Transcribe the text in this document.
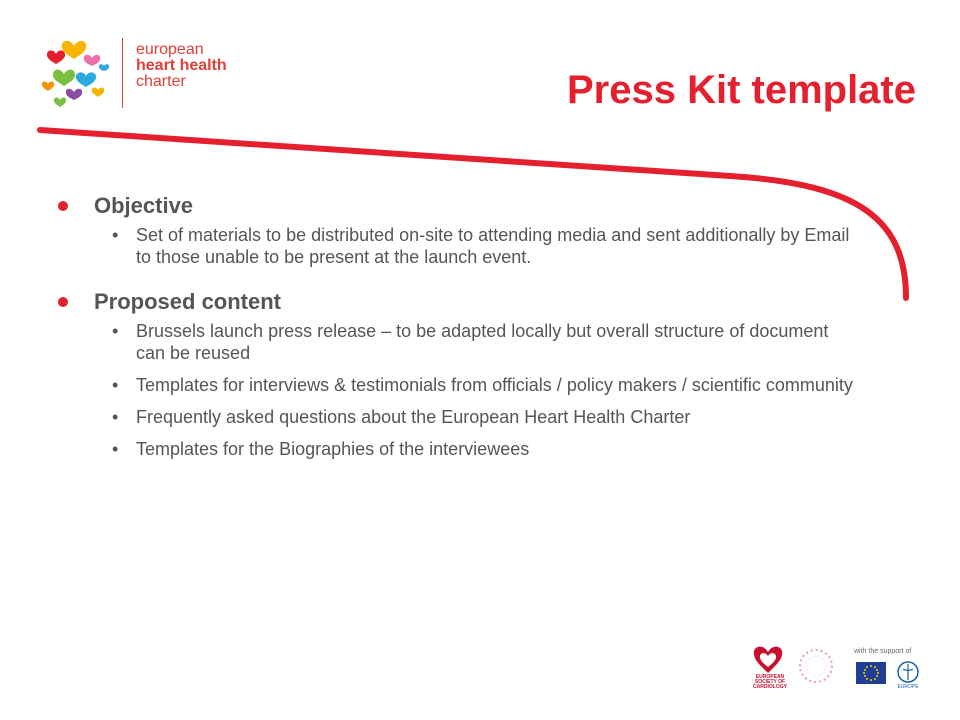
european
heart health
charter	Press Kit template
Objective
• Set of materials to be distributed on-site to attending media and sent additionally by Email to those unable to be present at the launch event.
Proposed content
• Brussels launch press release – to be adapted locally but overall structure of document can be reused
• Templates for interviews & testimonials from officials / policy makers / scientific community
• Frequently asked questions about the European Heart Health Charter
• Templates for the Biographies of the interviewees
EUROPEAN SOCIETY OF CARDIOLOGY
with the support of
EUROPE
